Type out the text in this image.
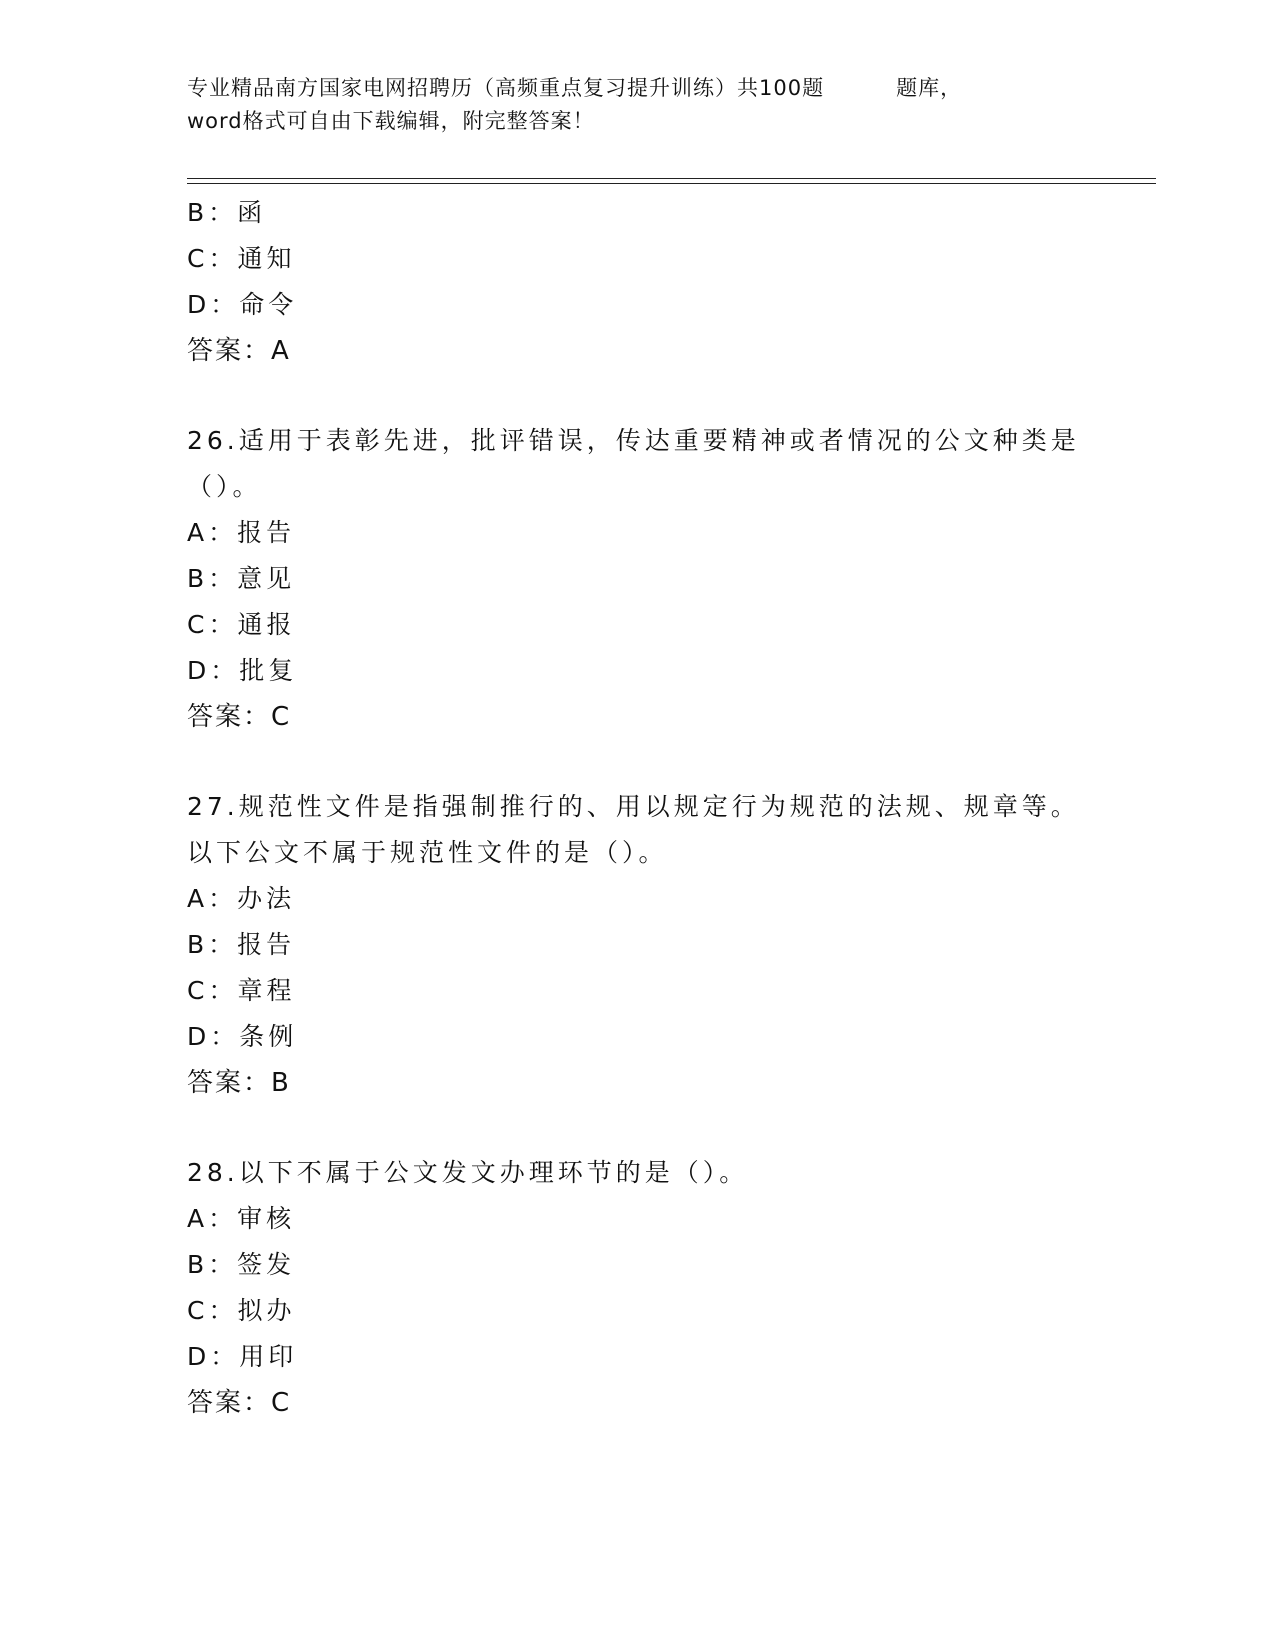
专业精品南方国家电网招聘历（高频重点复习提升训练）共100题	题库，
word格式可自由下载编辑，附完整答案！
B：函
C：通知
D：命令
答案：A
26.适用于表彰先进，批评错误，传达重要精神或者情况的公文种类是
（）。
A：报告
B：意见
C：通报
D：批复
答案：C
27.规范性文件是指强制推行的、用以规定行为规范的法规、规章等。
以下公文不属于规范性文件的是（）。
A：办法
B：报告
C：章程
D：条例
答案：B
28.以下不属于公文发文办理环节的是（）。
A：审核
B：签发
C：拟办
D：用印
答案：C
